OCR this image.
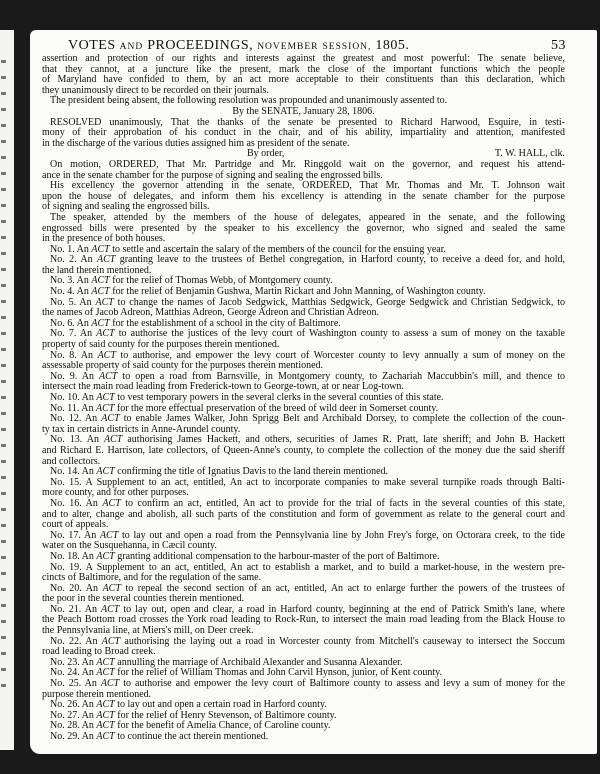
VOTES AND PROCEEDINGS, NOVEMBER SESSION, 1805.	53
assertion and protection of our rights and interests against the greatest and most powerful: The senate believe,
that they cannot, at a juncture like the present, mark the close of the important functions which the people
of Maryland have confided to them, by an act more acceptable to their constituents than this declaration, which
they unanimously direct to be recorded on their journals.
The president being absent, the following resolution was propounded and unanimously assented to.
By the SENATE, January 28, 1806.
RESOLVED unanimously, That the thanks of the senate be presented to Richard Harwood, Esquire, in testi-
mony of their approbation of his conduct in the chair, and of his ability, impartiality and attention, manifested
in the discharge of the various duties assigned him as president of the senate.
By order,	T. W. HALL, clk.
On motion, ORDERED, That Mr. Partridge and Mr. Ringgold wait on the governor, and request his attend-
ance in the senate chamber for the purpose of signing and sealing the engrossed bills.
His excellency the governor attending in the senate, ORDERED, That Mr. Thomas and Mr. T. Johnson wait
upon the house of delegates, and inform them his excellency is attending in the senate chamber for the purpose
of signing and sealing the engrossed bills.
The speaker, attended by the members of the house of delegates, appeared in the senate, and the following
engrossed bills were presented by the speaker to his excellency the governor, who signed and sealed the same
in the presence of both houses.
No. 1. An ACT to settle and ascertain the salary of the members of the council for the ensuing year.
No. 2. An ACT granting leave to the trustees of Bethel congregation, in Harford county, to receive a deed for, and hold,
the land therein mentioned.
No. 3. An ACT for the relief of Thomas Webb, of Montgomery county.
No. 4. An ACT for the relief of Benjamin Gushwa, Martin Rickart and John Manning, of Washington county.
No. 5. An ACT to change the names of Jacob Sedgwick, Matthias Sedgwick, George Sedgwick and Christian Sedgwick, to
the names of Jacob Adreon, Matthias Adreon, George Adreon and Christian Adreon.
No. 6. An ACT for the establishment of a school in the city of Baltimore.
No. 7. An ACT to authorise the justices of the levy court of Washington county to assess a sum of money on the taxable
property of said county for the purposes therein mentioned.
No. 8. An ACT to authorise, and empower the levy court of Worcester county to levy annually a sum of money on the
assessable property of said county for the purposes therein mentioned.
No. 9. An ACT to open a road from Barnsville, in Montgomery county, to Zachariah Maccubbin's mill, and thence to
intersect the main road leading from Frederick-town to George-town, at or near Log-town.
No. 10. An ACT to vest temporary powers in the several clerks in the several counties of this state.
No. 11. An ACT for the more effectual preservation of the breed of wild deer in Somerset county.
No. 12. An ACT to enable James Walker, John Sprigg Belt and Archibald Dorsey, to complete the collection of the coun-
ty tax in certain districts in Anne-Arundel county.
No. 13. An ACT authorising James Hackett, and others, securities of James R. Pratt, late sheriff; and John B. Hackett
and Richard E. Harrison, late collectors, of Queen-Anne's county, to complete the collection of the money due the said sheriff
and collectors.
No. 14. An ACT confirming the title of Ignatius Davis to the land therein mentioned.
No. 15. A Supplement to an act, entitled, An act to incorporate companies to make several turnpike roads through Balti-
more county, and for other purposes.
No. 16. An ACT to confirm an act, entitled, An act to provide for the trial of facts in the several counties of this state,
and to alter, change and abolish, all such parts of the constitution and form of government as relate to the general court and
court of appeals.
No. 17. An ACT to lay out and open a road from the Pennsylvania line by John Frey's forge, on Octorara creek, to the tide
water on the Susquehanna, in Cæcil county.
No. 18. An ACT granting additional compensation to the harbour-master of the port of Baltimore.
No. 19. A Supplement to an act, entitled, An act to establish a market, and to build a market-house, in the western pre-
cincts of Baltimore, and for the regulation of the same.
No. 20. An ACT to repeal the second section of an act, entitled, An act to enlarge further the powers of the trustees of
the poor in the several counties therein mentioned.
No. 21. An ACT to lay out, open and clear, a road in Harford county, beginning at the end of Patrick Smith's lane, where
the Peach Bottom road crosses the York road leading to Rock-Run, to intersect the main road leading from the Black House to
the Pennsylvania line, at Miers's mill, on Deer creek.
No. 22. An ACT authorising the laying out a road in Worcester county from Mitchell's causeway to intersect the Soccum
road leading to Broad creek.
No. 23. An ACT annulling the marriage of Archibald Alexander and Susanna Alexander.
No. 24. An ACT for the relief of William Thomas and John Carvil Hynson, junior, of Kent county.
No. 25. An ACT to authorise and empower the levy court of Baltimore county to assess and levy a sum of money for the
purpose therein mentioned.
No. 26. An ACT to lay out and open a certain road in Harford county.
No. 27. An ACT for the relief of Henry Stevenson, of Baltimore county.
No. 28. An ACT for the benefit of Amelia Chance, of Caroline county.
No. 29. An ACT to continue the act therein mentioned.
